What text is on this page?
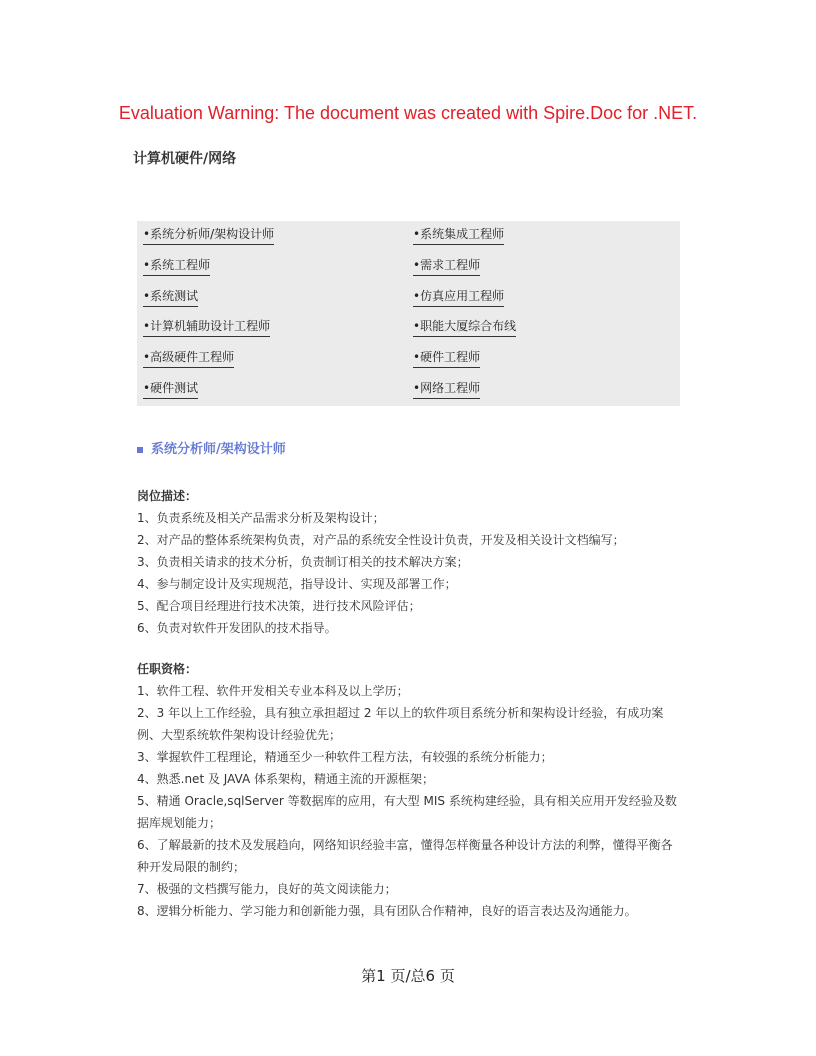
Evaluation Warning: The document was created with Spire.Doc for .NET.
计算机硬件/网络
•系统分析师/架构设计师	•系统集成工程师
•系统工程师	•需求工程师
•系统测试	•仿真应用工程师
•计算机辅助设计工程师	•职能大厦综合布线
•高级硬件工程师	•硬件工程师
•硬件测试	•网络工程师
系统分析师/架构设计师
岗位描述：
1、负责系统及相关产品需求分析及架构设计；
2、对产品的整体系统架构负责，对产品的系统安全性设计负责，开发及相关设计文档编写；
3、负责相关请求的技术分析，负责制订相关的技术解决方案；
4、参与制定设计及实现规范，指导设计、实现及部署工作；
5、配合项目经理进行技术决策，进行技术风险评估；
6、负责对软件开发团队的技术指导。
任职资格：
1、软件工程、软件开发相关专业本科及以上学历；
2、3 年以上工作经验，具有独立承担超过 2 年以上的软件项目系统分析和架构设计经验，有成功案例、大型系统软件架构设计经验优先；
3、掌握软件工程理论，精通至少一种软件工程方法，有较强的系统分析能力；
4、熟悉.net 及 JAVA 体系架构，精通主流的开源框架；
5、精通 Oracle,sqlServer 等数据库的应用，有大型 MIS 系统构建经验，具有相关应用开发经验及数据库规划能力；
6、了解最新的技术及发展趋向，网络知识经验丰富，懂得怎样衡量各种设计方法的利弊，懂得平衡各种开发局限的制约；
7、极强的文档撰写能力，良好的英文阅读能力；
8、逻辑分析能力、学习能力和创新能力强，具有团队合作精神，良好的语言表达及沟通能力。
第1 页/总6 页
